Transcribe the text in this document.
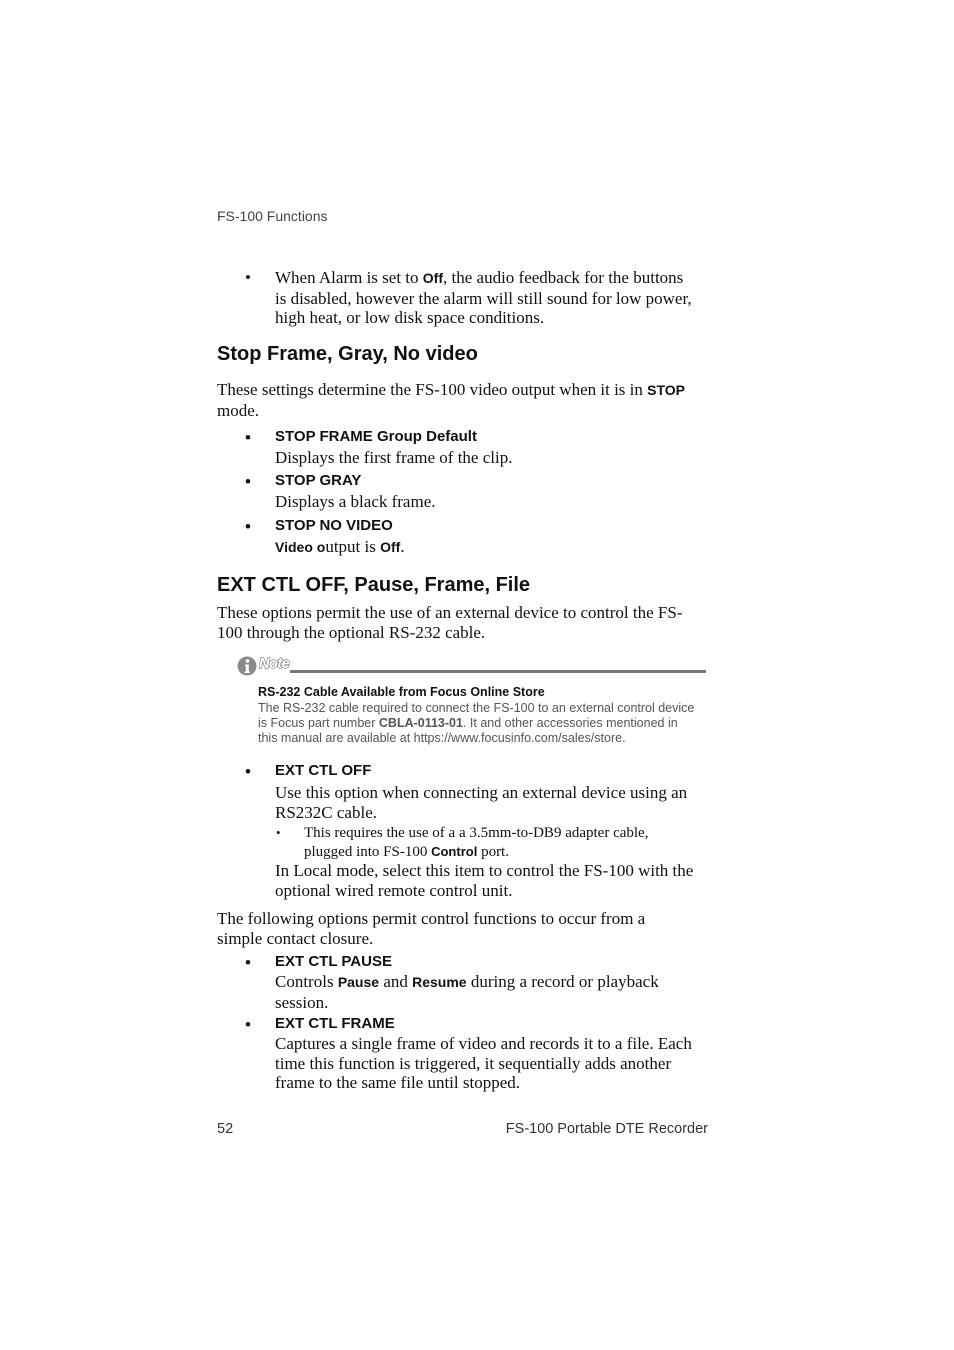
FS-100 Functions
• When Alarm is set to Off, the audio feedback for the buttons
is disabled, however the alarm will still sound for low power,
high heat, or low disk space conditions.
Stop Frame, Gray, No video
These settings determine the FS-100 video output when it is in STOP
mode.
• STOP FRAME Group Default
Displays the first frame of the clip.
• STOP GRAY
Displays a black frame.
• STOP NO VIDEO
Video output is Off.
EXT CTL OFF, Pause, Frame, File
These options permit the use of an external device to control the FS-
100 through the optional RS-232 cable.
Note
RS-232 Cable Available from Focus Online Store
The RS-232 cable required to connect the FS-100 to an external control device
is Focus part number CBLA-0113-01. It and other accessories mentioned in
this manual are available at https://www.focusinfo.com/sales/store.
• EXT CTL OFF
Use this option when connecting an external device using an
RS232C cable.
• This requires the use of a a 3.5mm-to-DB9 adapter cable,
plugged into FS-100 Control port.
In Local mode, select this item to control the FS-100 with the
optional wired remote control unit.
The following options permit control functions to occur from a
simple contact closure.
• EXT CTL PAUSE
Controls Pause and Resume during a record or playback
session.
• EXT CTL FRAME
Captures a single frame of video and records it to a file. Each
time this function is triggered, it sequentially adds another
frame to the same file until stopped.
52	FS-100 Portable DTE Recorder
